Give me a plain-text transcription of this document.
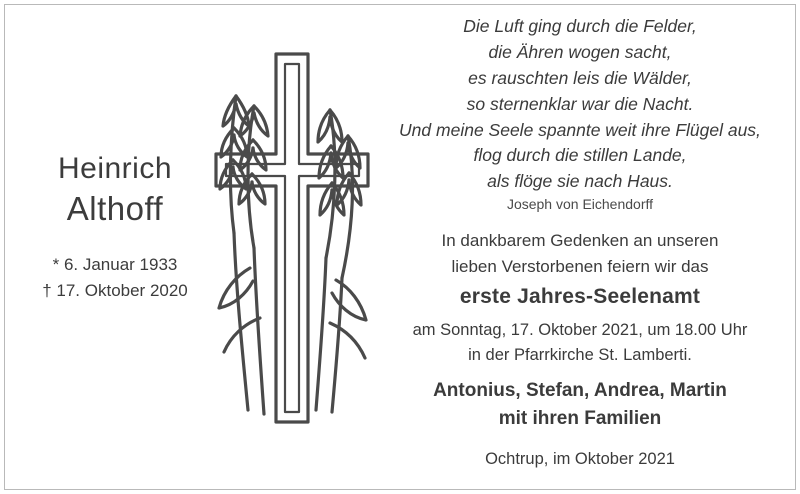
Heinrich
Althoff
* 6. Januar 1933
† 17. Oktober 2020
Die Luft ging durch die Felder,
die Ähren wogen sacht,
es rauschten leis die Wälder,
so sternenklar war die Nacht.
Und meine Seele spannte weit ihre Flügel aus,
flog durch die stillen Lande,
als flöge sie nach Haus.
Joseph von Eichendorff
In dankbarem Gedenken an unseren
lieben Verstorbenen feiern wir das
erste Jahres-Seelenamt
am Sonntag, 17. Oktober 2021, um 18.00 Uhr
in der Pfarrkirche St. Lamberti.
Antonius, Stefan, Andrea, Martin
mit ihren Familien
Ochtrup, im Oktober 2021
